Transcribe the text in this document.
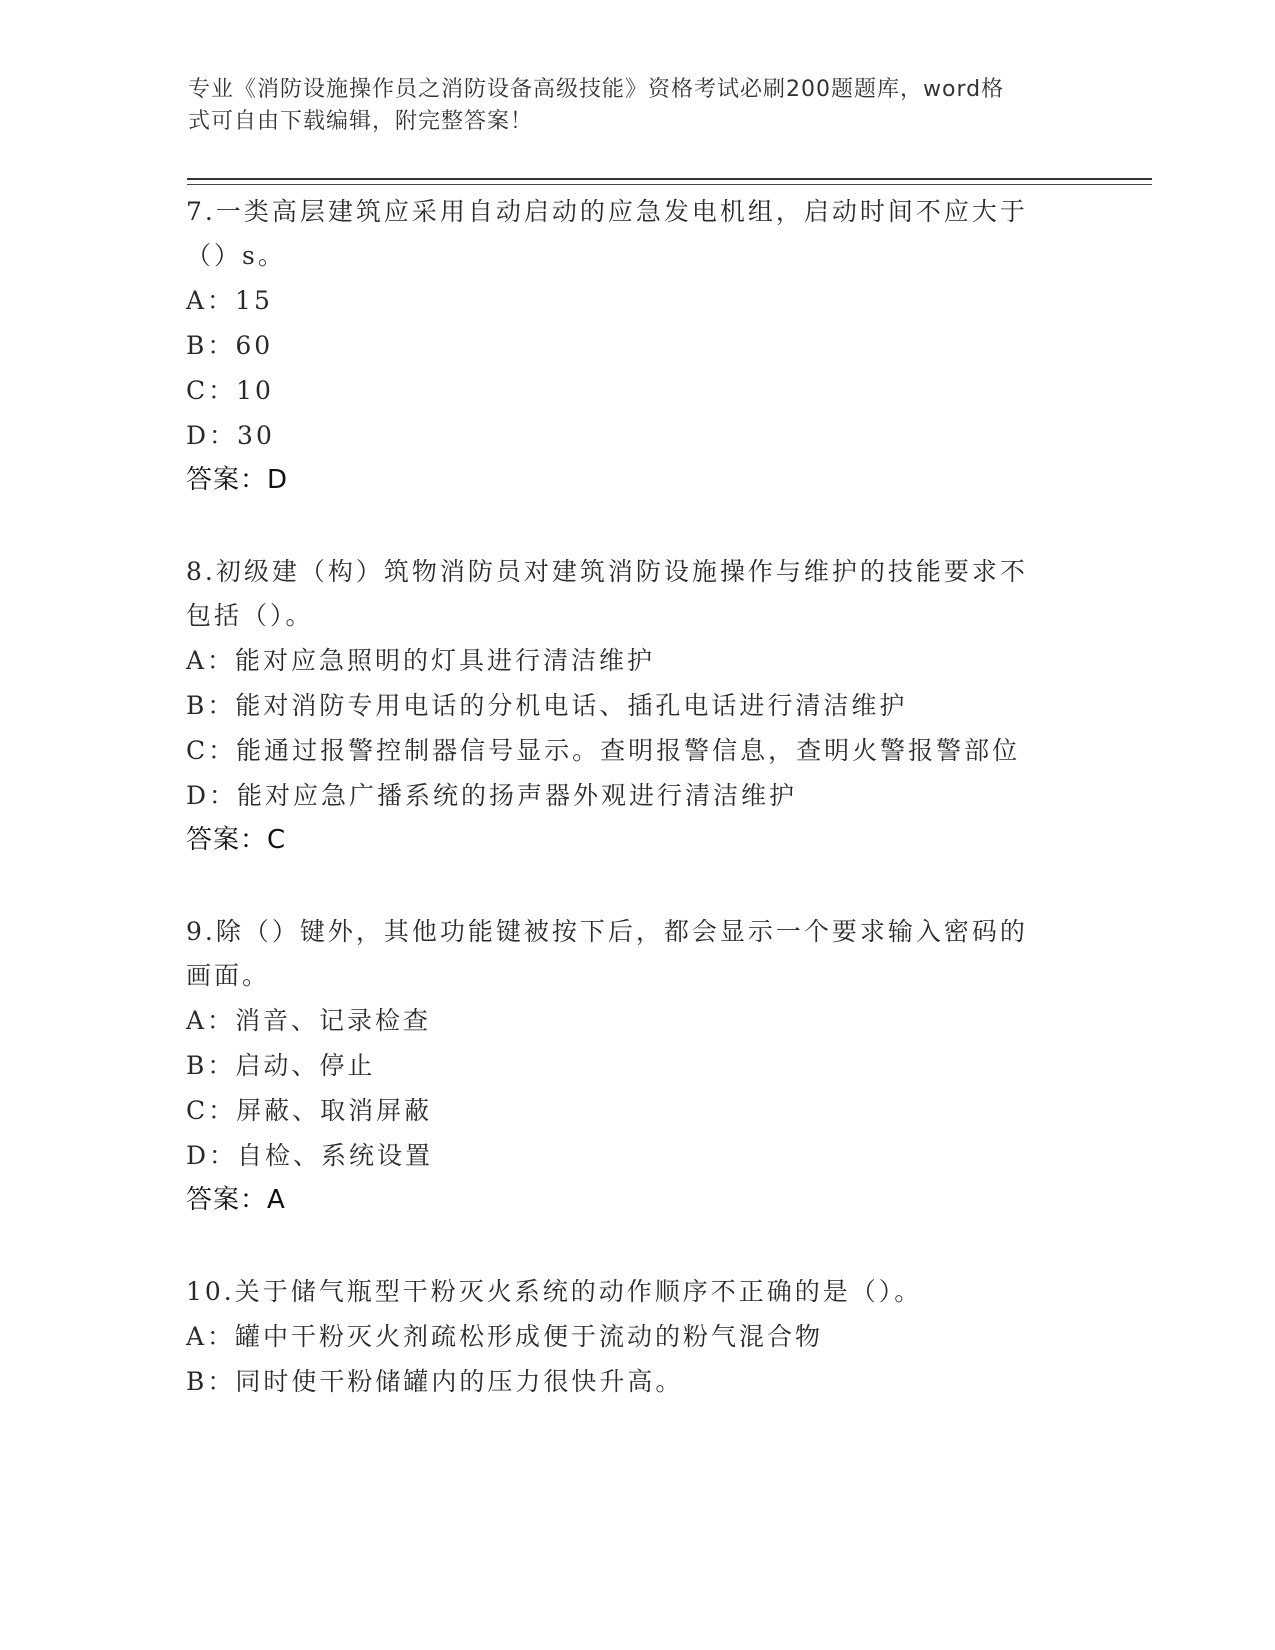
专业《消防设施操作员之消防设备高级技能》资格考试必刷200题题库，word格
式可自由下载编辑，附完整答案！
7.一类高层建筑应采用自动启动的应急发电机组，启动时间不应大于
（）s。
A：15
B：60
C：10
D：30
答案：D
8.初级建（构）筑物消防员对建筑消防设施操作与维护的技能要求不
包括（）。
A：能对应急照明的灯具进行清洁维护
B：能对消防专用电话的分机电话、插孔电话进行清洁维护
C：能通过报警控制器信号显示。查明报警信息，查明火警报警部位
D：能对应急广播系统的扬声器外观进行清洁维护
答案：C
9.除（）键外，其他功能键被按下后，都会显示一个要求输入密码的
画面。
A：消音、记录检查
B：启动、停止
C：屏蔽、取消屏蔽
D：自检、系统设置
答案：A
10.关于储气瓶型干粉灭火系统的动作顺序不正确的是（）。
A：罐中干粉灭火剂疏松形成便于流动的粉气混合物
B：同时使干粉储罐内的压力很快升高。
